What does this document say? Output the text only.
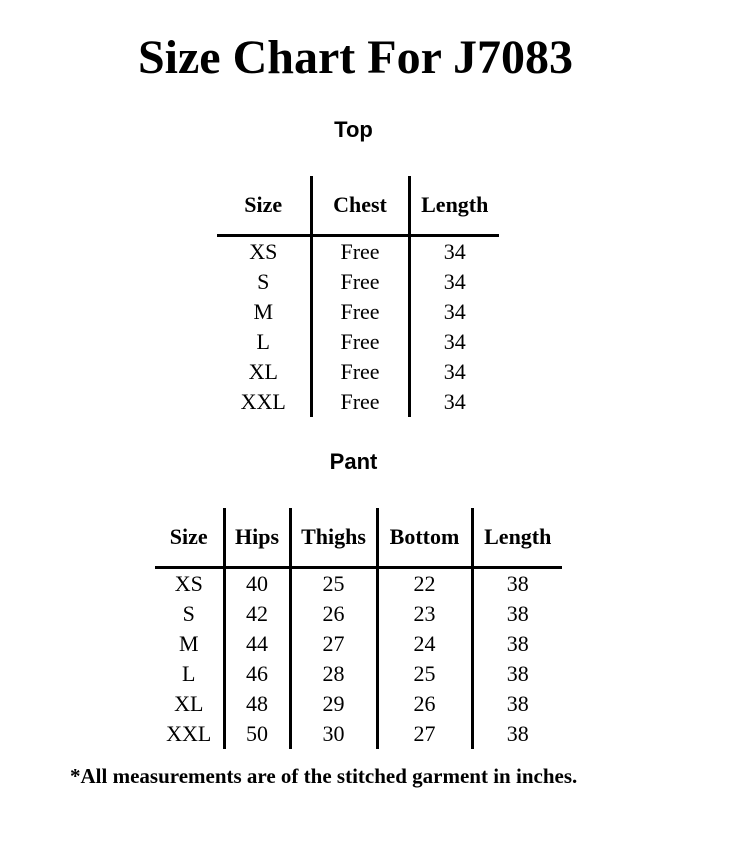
Size Chart For J7083
Top
Size	Chest	Length
XS	Free	34
S	Free	34
M	Free	34
L	Free	34
XL	Free	34
XXL	Free	34
Pant
Size	Hips	Thighs	Bottom	Length
XS	40	25	22	38
S	42	26	23	38
M	44	27	24	38
L	46	28	25	38
XL	48	29	26	38
XXL	50	30	27	38
*All measurements are of the stitched garment in inches.
